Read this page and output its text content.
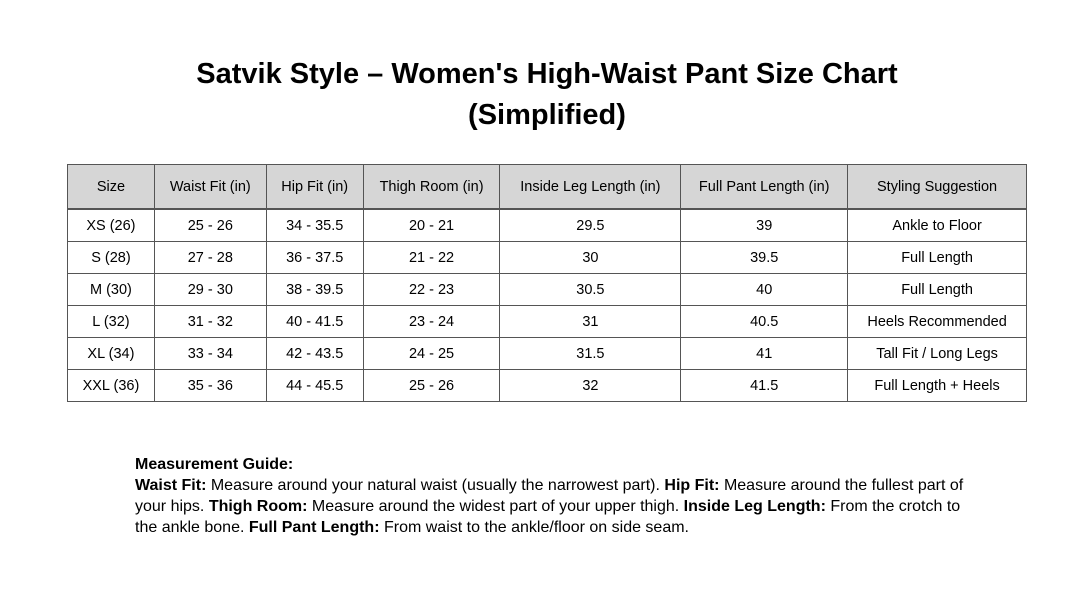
Satvik Style – Women's High-Waist Pant Size Chart
(Simplified)
Size	Waist Fit (in)	Hip Fit (in)	Thigh Room (in)	Inside Leg Length (in)	Full Pant Length (in)	Styling Suggestion
XS (26)	25 - 26	34 - 35.5	20 - 21	29.5	39	Ankle to Floor
S (28)	27 - 28	36 - 37.5	21 - 22	30	39.5	Full Length
M (30)	29 - 30	38 - 39.5	22 - 23	30.5	40	Full Length
L (32)	31 - 32	40 - 41.5	23 - 24	31	40.5	Heels Recommended
XL (34)	33 - 34	42 - 43.5	24 - 25	31.5	41	Tall Fit / Long Legs
XXL (36)	35 - 36	44 - 45.5	25 - 26	32	41.5	Full Length + Heels
Measurement Guide:
Waist Fit: Measure around your natural waist (usually the narrowest part). Hip Fit: Measure around the fullest part of your hips. Thigh Room: Measure around the widest part of your upper thigh. Inside Leg Length: From the crotch to the ankle bone. Full Pant Length: From waist to the ankle/floor on side seam.
